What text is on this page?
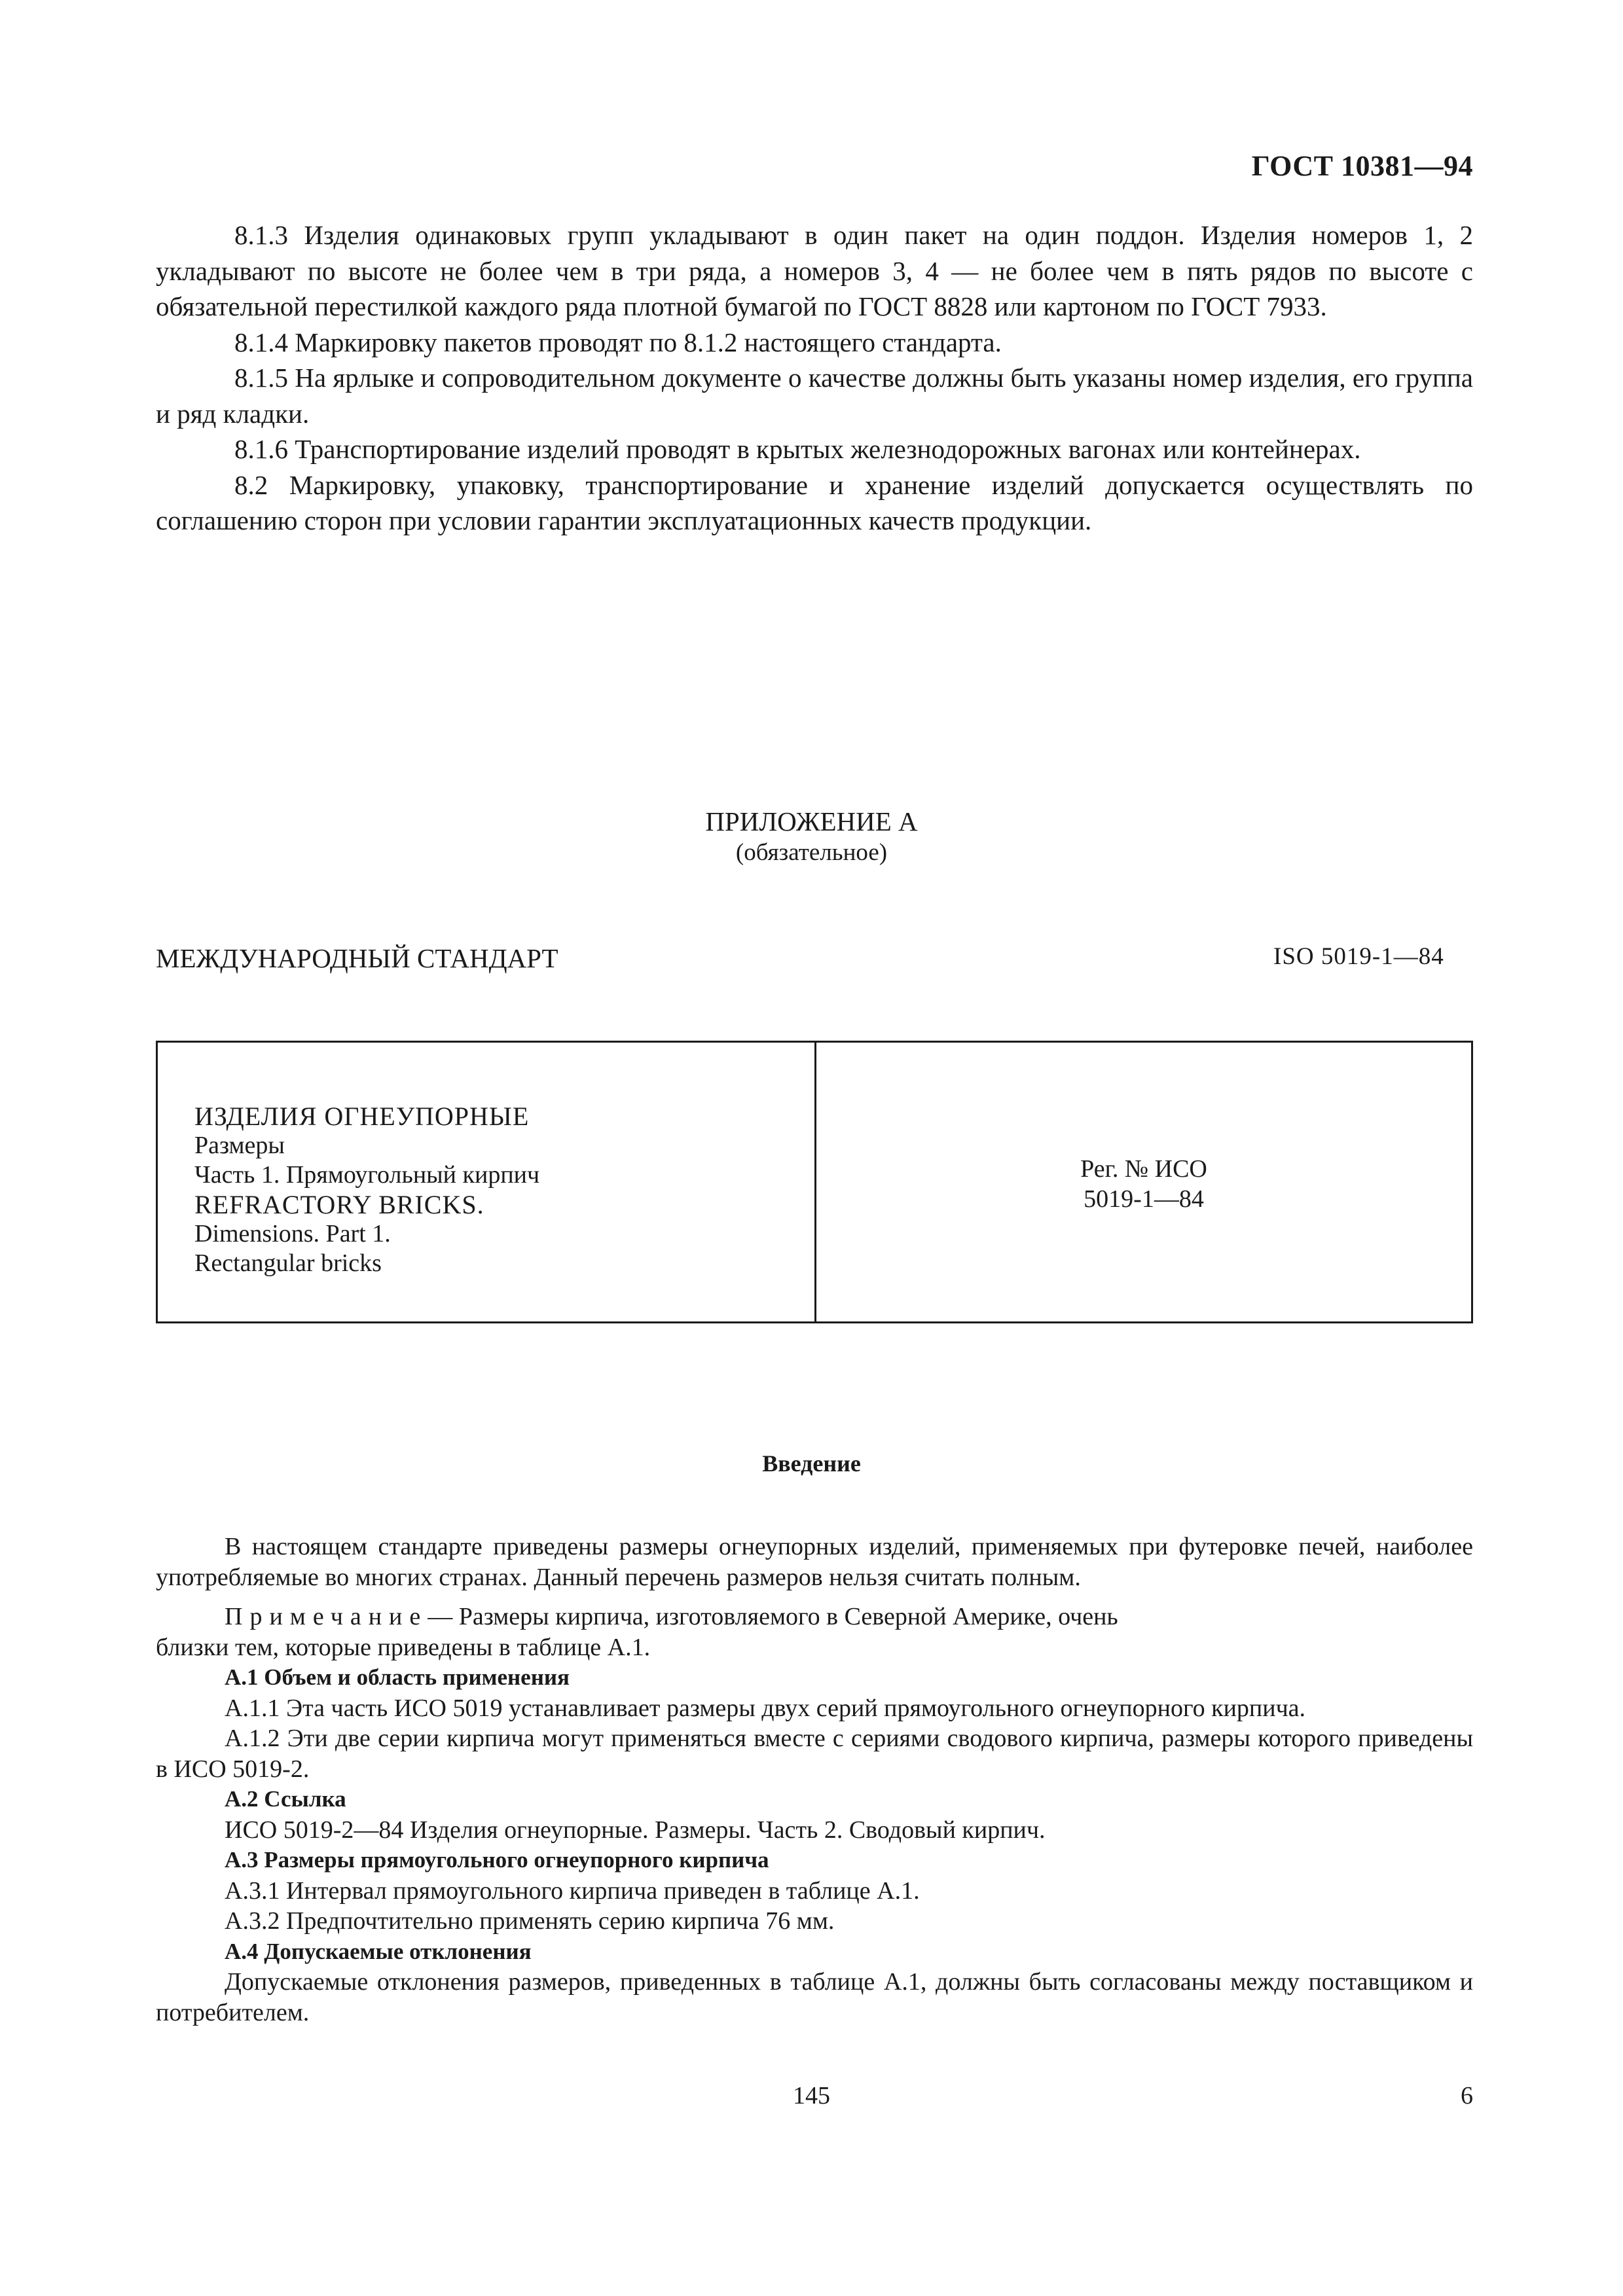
ГОСТ 10381—94

8.1.3 Изделия одинаковых групп укладывают в один пакет на один поддон. Изделия номеров 1, 2 укладывают по высоте не более чем в три ряда, а номеров 3, 4 — не более чем в пять рядов по высоте с обязательной перестилкой каждого ряда плотной бумагой по ГОСТ 8828 или картоном по ГОСТ 7933.

8.1.4 Маркировку пакетов проводят по 8.1.2 настоящего стандарта.

8.1.5 На ярлыке и сопроводительном документе о качестве должны быть указаны номер изделия, его группа и ряд кладки.

8.1.6 Транспортирование изделий проводят в крытых железнодорожных вагонах или контейнерах.

8.2 Маркировку, упаковку, транспортирование и хранение изделий допускается осуществлять по соглашению сторон при условии гарантии эксплуатационных качеств продукции.

ПРИЛОЖЕНИЕ А
(обязательное)
МЕЖДУНАРОДНЫЙ СТАНДАРТ	ISO 5019-1—84
ИЗДЕЛИЯ ОГНЕУПОРНЫЕ
Размеры
Часть 1. Прямоугольный кирпич
REFRACTORY BRICKS.
Dimensions. Part 1.
Rectangular bricks
Рег. № ИСО
5019-1—84
Введение

В настоящем стандарте приведены размеры огнеупорных изделий, применяемых при футеровке печей, наиболее употребляемые во многих странах. Данный перечень размеров нельзя считать полным.

Примечание— Размеры кирпича, изготовляемого в Северной Америке, очень

близки тем, которые приведены в таблице А.1.

А.1 Объем и область применения

А.1.1 Эта часть ИСО 5019 устанавливает размеры двух серий прямоугольного огнеупорного кирпича.

А.1.2 Эти две серии кирпича могут применяться вместе с сериями сводового кирпича, размеры которого приведены в ИСО 5019-2.

А.2 Ссылка

ИСО 5019-2—84 Изделия огнеупорные. Размеры. Часть 2. Сводовый кирпич.

А.3 Размеры прямоугольного огнеупорного кирпича

А.3.1 Интервал прямоугольного кирпича приведен в таблице А.1.

А.3.2 Предпочтительно применять серию кирпича 76 мм.

А.4 Допускаемые отклонения

Допускаемые отклонения размеров, приведенных в таблице А.1, должны быть согласованы между поставщиком и потребителем.

145	6
